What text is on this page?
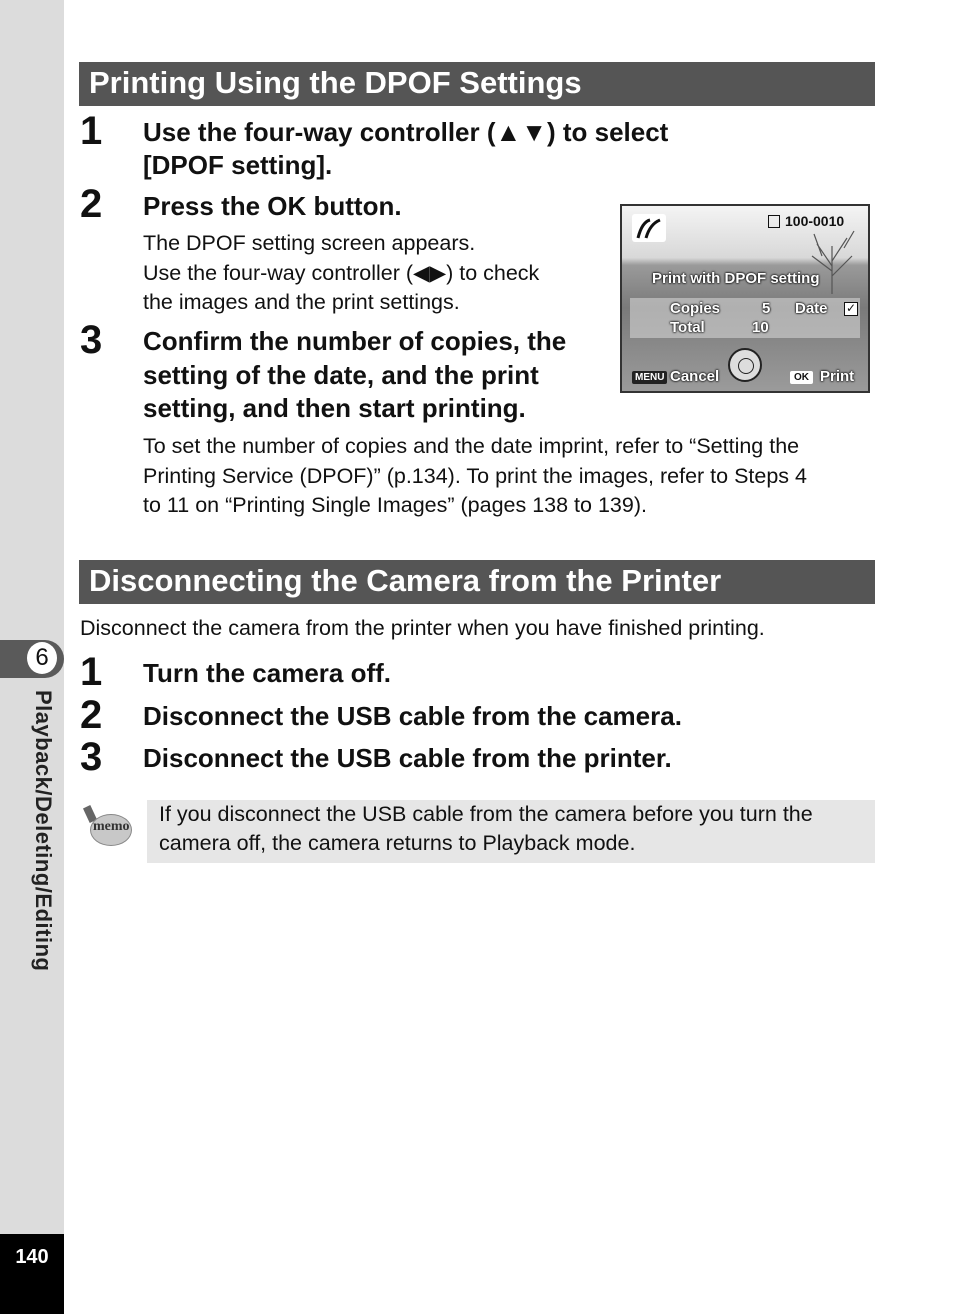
6
Playback/Deleting/Editing
140
Printing Using the DPOF Settings
1 Use the four-way controller (▲▼) to select
[DPOF setting].
2 Press the OK button.
The DPOF setting screen appears.
Use the four-way controller (◀▶) to check
the images and the print settings.
3 Confirm the number of copies, the
setting of the date, and the print
setting, and then start printing.
To set the number of copies and the date imprint, refer to “Setting the
Printing Service (DPOF)” (p.134). To print the images, refer to Steps 4
to 11 on “Printing Single Images” (pages 138 to 139).
100-0010
Print with DPOF setting
Copies	5 Date ✓
Total	10
MENU Cancel	OK Print
Disconnecting the Camera from the Printer
Disconnect the camera from the printer when you have finished printing.
1 Turn the camera off.
2 Disconnect the USB cable from the camera.
3 Disconnect the USB cable from the printer.
memo
If you disconnect the USB cable from the camera before you turn the
camera off, the camera returns to Playback mode.
